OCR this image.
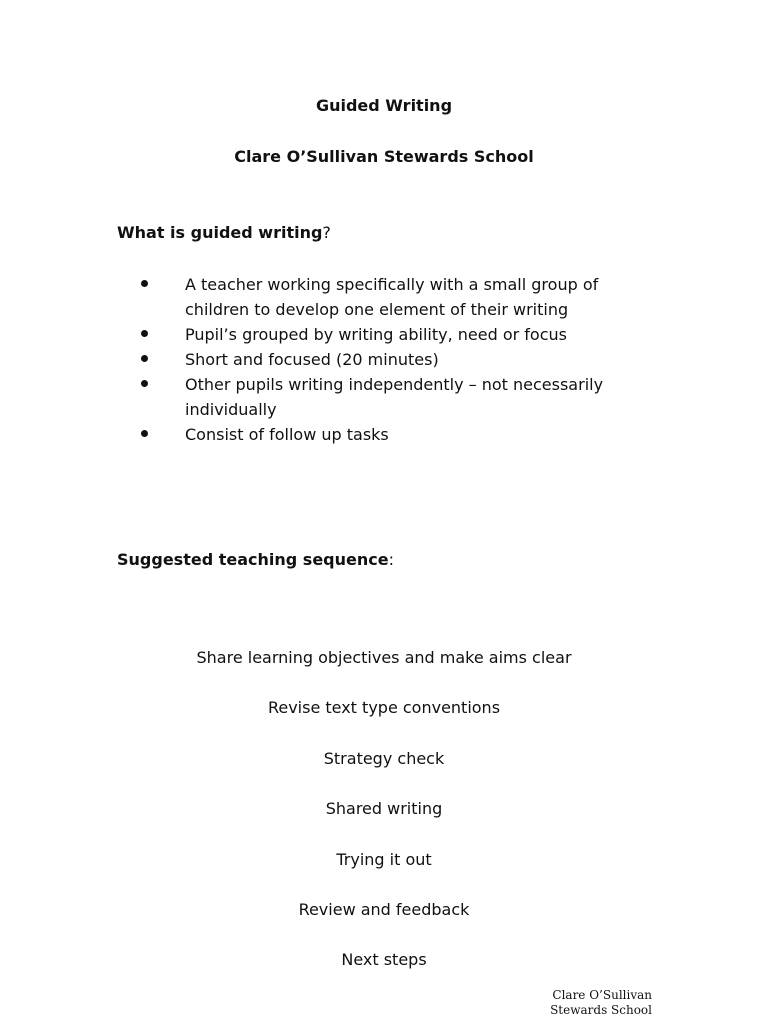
Guided Writing
Clare O’Sullivan Stewards School
What is guided writing?
A teacher working specifically with a small group of children to develop one element of their writing
Pupil’s grouped by writing ability, need or focus
Short and focused (20 minutes)
Other pupils writing independently – not necessarily individually
Consist of follow up tasks
Suggested teaching sequence:
Share learning objectives and make aims clear
Revise text type conventions
Strategy check
Shared writing
Trying it out
Review and feedback
Next steps
Clare O’Sullivan
Stewards School
